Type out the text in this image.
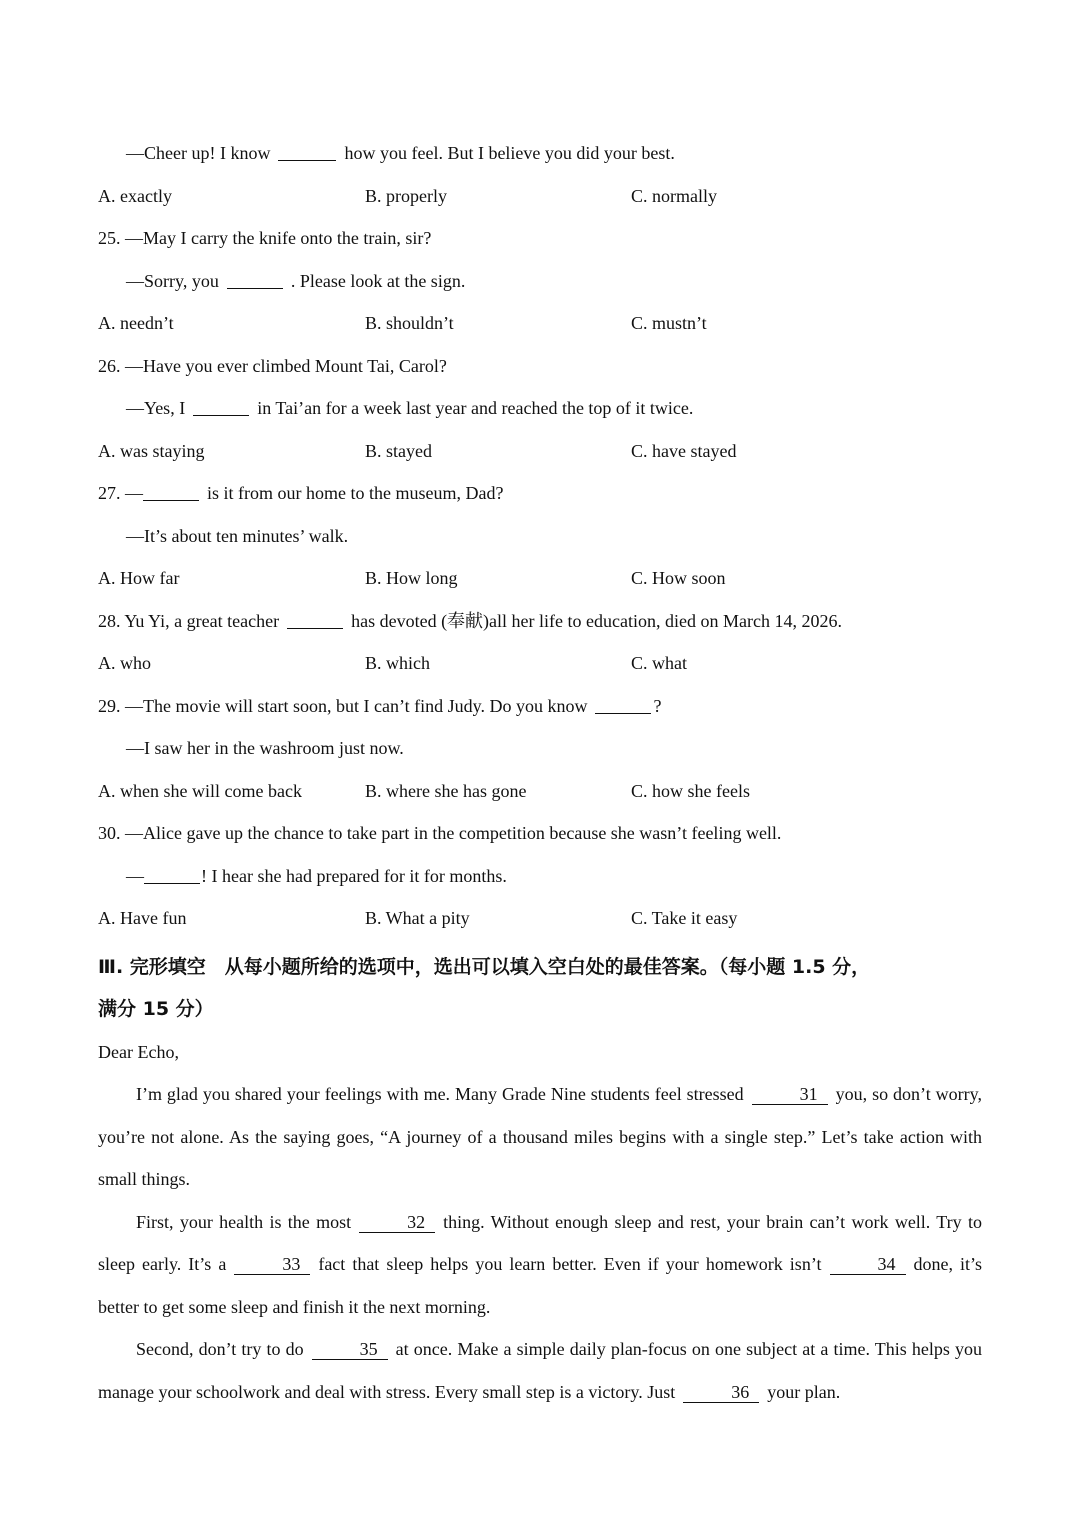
—Cheer up! I know	how you feel. But I believe you did your best.
A. exactly	B. properly	C. normally
25. —May I carry the knife onto the train, sir?
—Sorry, you	. Please look at the sign.
A. needn’t	B. shouldn’t	C. mustn’t
26. —Have you ever climbed Mount Tai, Carol?
—Yes, I	in Tai’an for a week last year and reached the top of it twice.
A. was staying	B. stayed	C. have stayed
27. —	is it from our home to the museum, Dad?
—It’s about ten minutes’ walk.
A. How far	B. How long	C. How soon
28. Yu Yi, a great teacher	has devoted (奉献)all her life to education, died on March 14, 2026.
A. who	B. which	C. what
29. —The movie will start soon, but I can’t find Judy. Do you know	?
—I saw her in the washroom just now.
A. when she will come back	B. where she has gone	C. how she feels
30. —Alice gave up the chance to take part in the competition because she wasn’t feeling well.
—	! I hear she had prepared for it for months.
A. Have fun	B. What a pity	C. Take it easy
Ⅲ. 完形填空　从每小题所给的选项中，选出可以填入空白处的最佳答案。（每小题 1.5 分，
满分 15 分）
Dear Echo,
I’m glad you shared your feelings with me. Many Grade Nine students feel stressed	31 you, so don’t worry, you’re not alone. As the saying goes, “A journey of a thousand miles begins with a single step.” Let’s take action with small things.
First, your health is the most	32 thing. Without enough sleep and rest, your brain can’t work well. Try to sleep early. It’s a	33 fact that sleep helps you learn better. Even if your homework isn’t	34 done, it’s better to get some sleep and finish it the next morning.
Second, don’t try to do	35 at once. Make a simple daily plan-focus on one subject at a time. This helps you manage your schoolwork and deal with stress. Every small step is a victory. Just	36 your plan.
